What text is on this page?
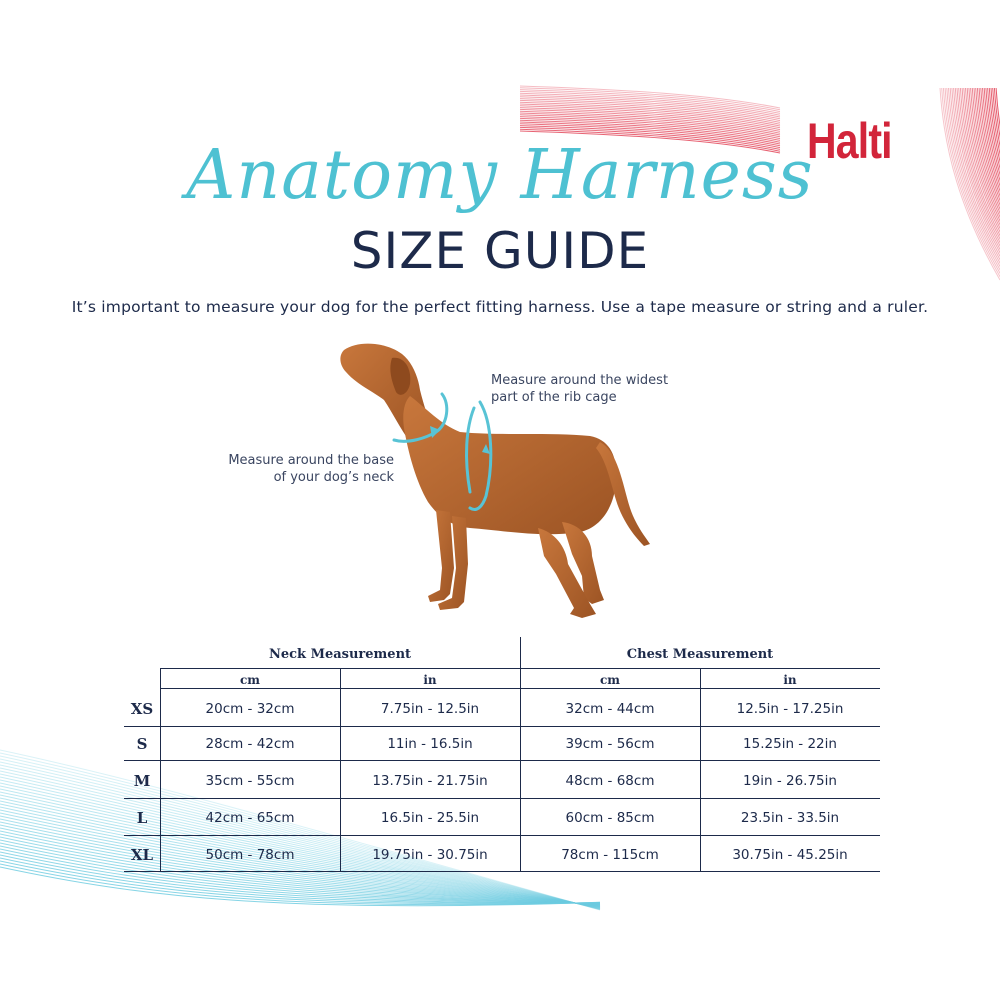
Halti
Anatomy Harness
SIZE GUIDE
It’s important to measure your dog for the perfect fitting harness. Use a tape measure or string and a ruler.
Measure around the widest
part of the rib cage
Measure around the base
of your dog’s neck
Neck Measurement	Chest Measurement
cm	in	cm	in
XS	20cm - 32cm	7.75in - 12.5in	32cm - 44cm	12.5in - 17.25in
S	28cm - 42cm	11in - 16.5in	39cm - 56cm	15.25in - 22in
M	35cm - 55cm	13.75in - 21.75in	48cm - 68cm	19in - 26.75in
L	42cm - 65cm	16.5in - 25.5in	60cm - 85cm	23.5in - 33.5in
XL	50cm - 78cm	19.75in - 30.75in	78cm - 115cm	30.75in - 45.25in
